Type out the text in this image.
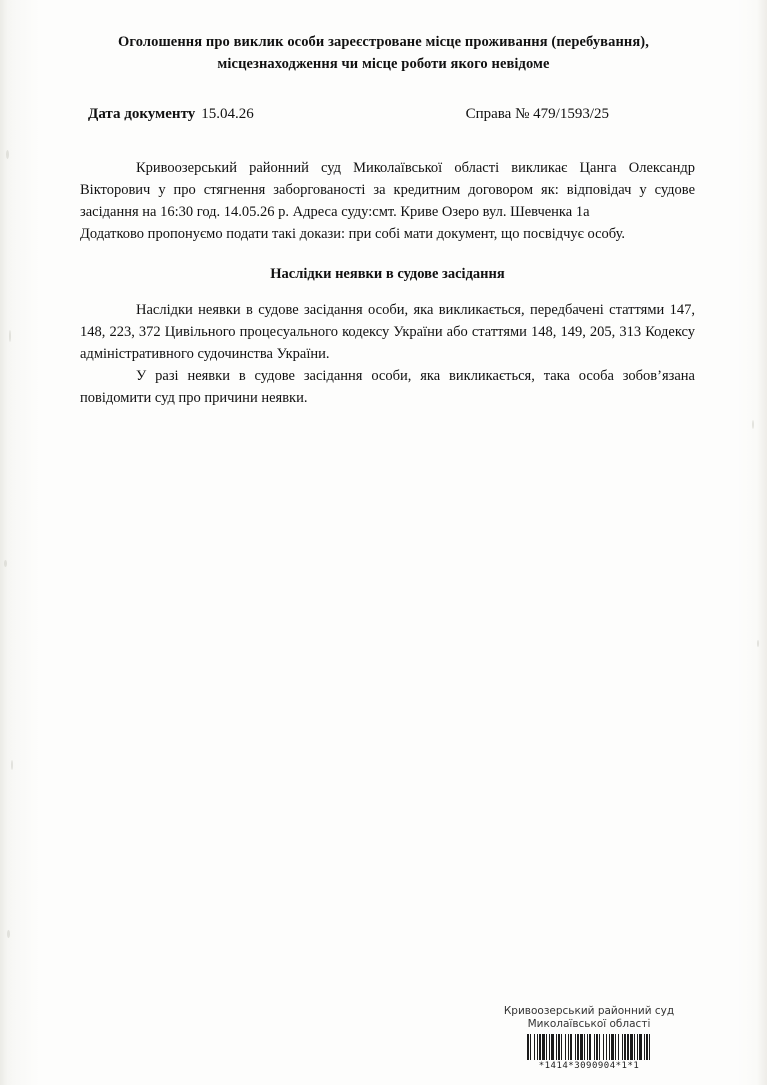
Оголошення про виклик особи зареєстроване місце проживання (перебування),
місцезнаходження чи місце роботи якого невідоме
Дата документу 15.04.26	Справа № 479/1593/25

Кривоозерський районний суд Миколаївської області викликає Цанга Олександр Вікторович у про стягнення заборгованості за кредитним договором як: відповідач у судове засідання на 16:30 год. 14.05.26 р. Адреса суду:смт. Криве Озеро вул. Шевченка 1а

Додатково пропонуємо подати такі докази: при собі мати документ, що посвідчує особу.

Наслідки неявки в судове засідання

Наслідки неявки в судове засідання особи, яка викликається, передбачені статтями 147, 148, 223, 372 Цивільного процесуального кодексу України або статтями 148, 149, 205, 313 Кодексу адміністративного судочинства України.

У разі неявки в судове засідання особи, яка викликається, така особа зобов’язана повідомити суд про причини неявки.

Кривоозерський районний суд
Миколаївської області
*1414*3090904*1*1
